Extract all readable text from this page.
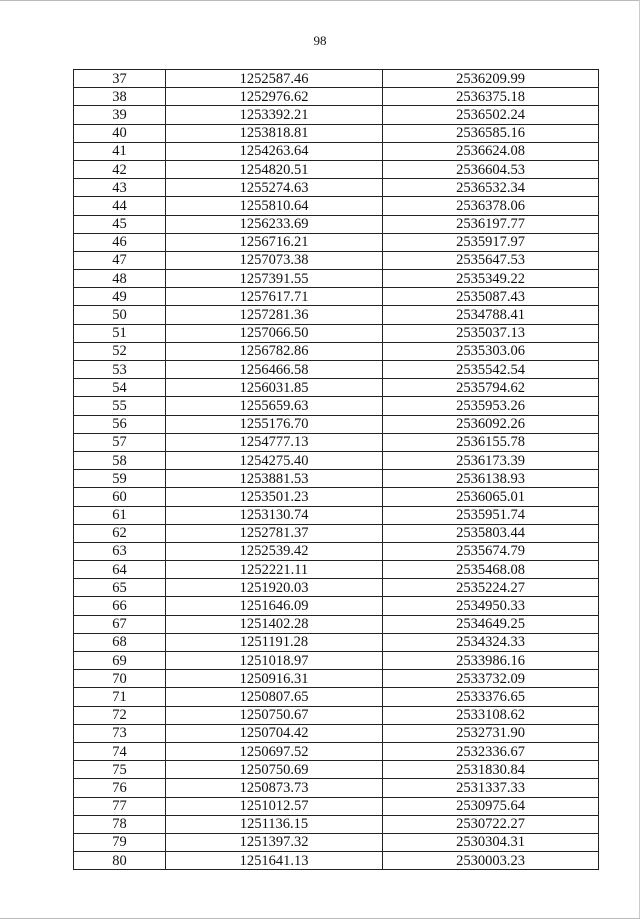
98
37	1252587.46	2536209.99
38	1252976.62	2536375.18
39	1253392.21	2536502.24
40	1253818.81	2536585.16
41	1254263.64	2536624.08
42	1254820.51	2536604.53
43	1255274.63	2536532.34
44	1255810.64	2536378.06
45	1256233.69	2536197.77
46	1256716.21	2535917.97
47	1257073.38	2535647.53
48	1257391.55	2535349.22
49	1257617.71	2535087.43
50	1257281.36	2534788.41
51	1257066.50	2535037.13
52	1256782.86	2535303.06
53	1256466.58	2535542.54
54	1256031.85	2535794.62
55	1255659.63	2535953.26
56	1255176.70	2536092.26
57	1254777.13	2536155.78
58	1254275.40	2536173.39
59	1253881.53	2536138.93
60	1253501.23	2536065.01
61	1253130.74	2535951.74
62	1252781.37	2535803.44
63	1252539.42	2535674.79
64	1252221.11	2535468.08
65	1251920.03	2535224.27
66	1251646.09	2534950.33
67	1251402.28	2534649.25
68	1251191.28	2534324.33
69	1251018.97	2533986.16
70	1250916.31	2533732.09
71	1250807.65	2533376.65
72	1250750.67	2533108.62
73	1250704.42	2532731.90
74	1250697.52	2532336.67
75	1250750.69	2531830.84
76	1250873.73	2531337.33
77	1251012.57	2530975.64
78	1251136.15	2530722.27
79	1251397.32	2530304.31
80	1251641.13	2530003.23
